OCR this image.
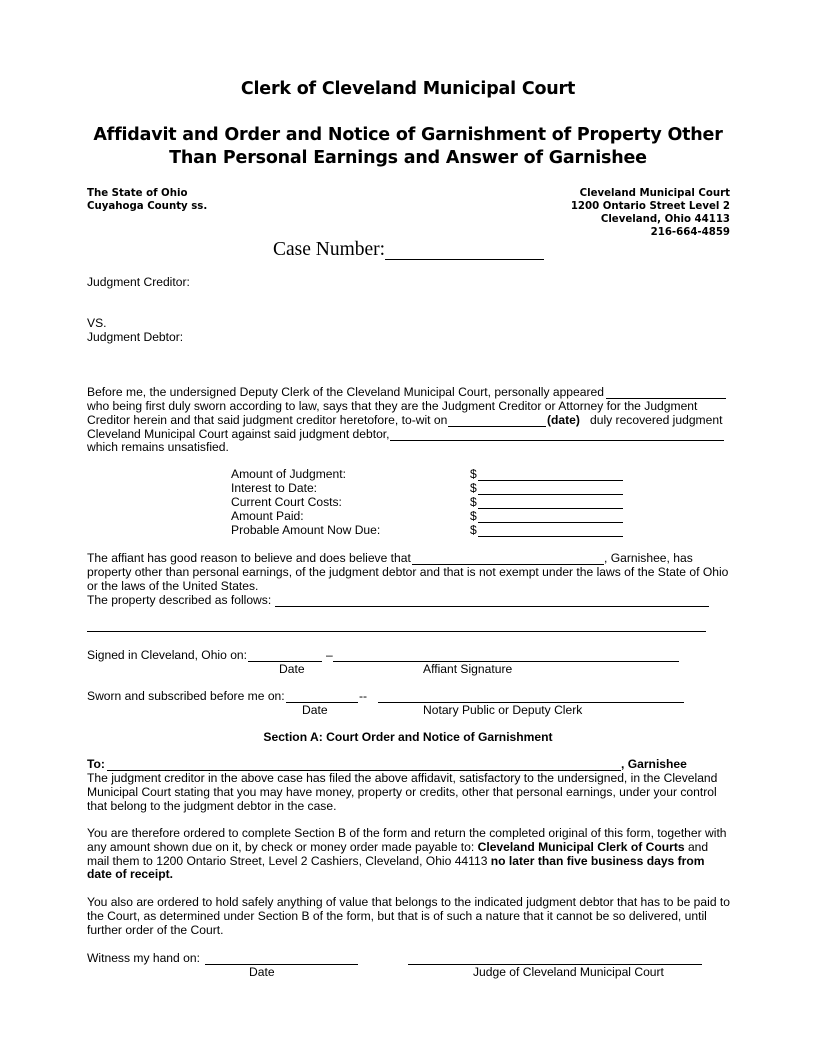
Clerk of Cleveland Municipal Court
Affidavit and Order and Notice of Garnishment of Property Other
Than Personal Earnings and Answer of Garnishee
The State of Ohio
Cuyahoga County ss.
Cleveland Municipal Court
1200 Ontario Street Level 2
Cleveland, Ohio 44113
216-664-4859
Case Number:
Judgment Creditor:
VS.
Judgment Debtor:
Before me, the undersigned Deputy Clerk of the Cleveland Municipal Court, personally appeared
who being first duly sworn according to law, says that they are the Judgment Creditor or Attorney for the Judgment
Creditor herein and that said judgment creditor heretofore, to-wit on	(date) duly recovered judgment
Cleveland Municipal Court against said judgment debtor,
which remains unsatisfied.
Amount of Judgment:	$
Interest to Date:	$
Current Court Costs:	$
Amount Paid:	$
Probable Amount Now Due:	$
The affiant has good reason to believe and does believe that	, Garnishee, has
property other than personal earnings, of the judgment debtor and that is not exempt under the laws of the State of Ohio
or the laws of the United States.
The property described as follows:
Signed in Cleveland, Ohio on:	–
Date	Affiant Signature
Sworn and subscribed before me on:	--
Date	Notary Public or Deputy Clerk
Section A: Court Order and Notice of Garnishment
To:	, Garnishee
The judgment creditor in the above case has filed the above affidavit, satisfactory to the undersigned, in the Cleveland Municipal Court stating that you may have money, property or credits, other that personal earnings, under your control that belong to the judgment debtor in the case.
You are therefore ordered to complete Section B of the form and return the completed original of this form, together with any amount shown due on it, by check or money order made payable to: Cleveland Municipal Clerk of Courts and mail them to 1200 Ontario Street, Level 2 Cashiers, Cleveland, Ohio 44113 no later than five business days from date of receipt.
You also are ordered to hold safely anything of value that belongs to the indicated judgment debtor that has to be paid to the Court, as determined under Section B of the form, but that is of such a nature that it cannot be so delivered, until further order of the Court.
Witness my hand on:
Date	Judge of Cleveland Municipal Court
